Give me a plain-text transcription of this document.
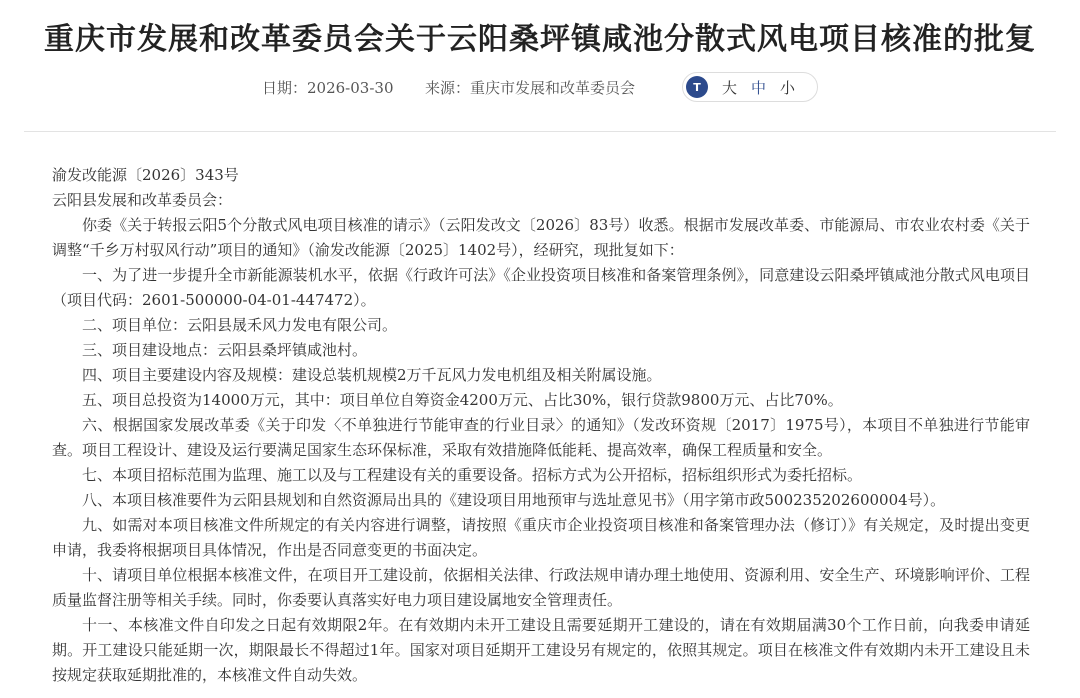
重庆市发展和改革委员会关于云阳桑坪镇咸池分散式风电项目核准的批复
日期：2026-03-30 来源：重庆市发展和改革委员会	T	大 中 小

渝发改能源〔2026〕343号

云阳县发展和改革委员会：

你委《关于转报云阳5个分散式风电项目核准的请示》（云阳发改文〔2026〕83号）收悉。根据市发展改革委、市能源局、市农业农村委《关于调整“千乡万村驭风行动”项目的通知》（渝发改能源〔2025〕1402号），经研究，现批复如下：

一、为了进一步提升全市新能源装机水平，依据《行政许可法》《企业投资项目核准和备案管理条例》，同意建设云阳桑坪镇咸池分散式风电项目（项目代码：2601-500000-04-01-447472）。

二、项目单位：云阳县晟禾风力发电有限公司。

三、项目建设地点：云阳县桑坪镇咸池村。

四、项目主要建设内容及规模：建设总装机规模2万千瓦风力发电机组及相关附属设施。

五、项目总投资为14000万元，其中：项目单位自筹资金4200万元、占比30%，银行贷款9800万元、占比70%。

六、根据国家发展改革委《关于印发〈不单独进行节能审查的行业目录〉的通知》（发改环资规〔2017〕1975号），本项目不单独进行节能审查。项目工程设计、建设及运行要满足国家生态环保标准，采取有效措施降低能耗、提高效率，确保工程质量和安全。

七、本项目招标范围为监理、施工以及与工程建设有关的重要设备。招标方式为公开招标，招标组织形式为委托招标。

八、本项目核准要件为云阳县规划和自然资源局出具的《建设项目用地预审与选址意见书》（用字第市政500235202600004号）。

九、如需对本项目核准文件所规定的有关内容进行调整，请按照《重庆市企业投资项目核准和备案管理办法（修订）》有关规定，及时提出变更申请，我委将根据项目具体情况，作出是否同意变更的书面决定。

十、请项目单位根据本核准文件，在项目开工建设前，依据相关法律、行政法规申请办理土地使用、资源利用、安全生产、环境影响评价、工程质量监督注册等相关手续。同时，你委要认真落实好电力项目建设属地安全管理责任。

十一、本核准文件自印发之日起有效期限2年。在有效期内未开工建设且需要延期开工建设的，请在有效期届满30个工作日前，向我委申请延期。开工建设只能延期一次，期限最长不得超过1年。国家对项目延期开工建设另有规定的，依照其规定。项目在核准文件有效期内未开工建设且未按规定获取延期批准的，本核准文件自动失效。
